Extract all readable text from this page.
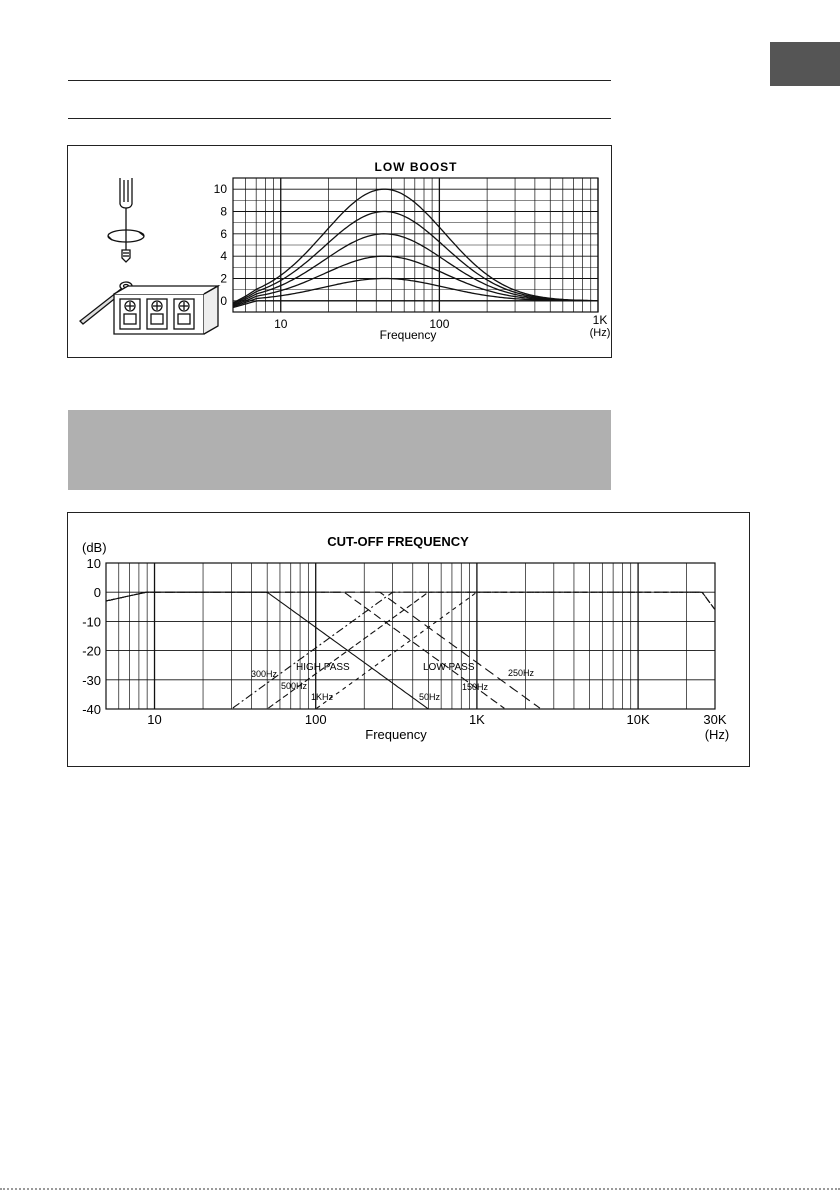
LOW BOOST
10
8
6
4
2
0
10	100	1K
(Hz)
Frequency
CUT-OFF FREQUENCY
(dB)
10
0
-10
-20
-30
-40
10	100	1K	10K	30K
(Hz)
Frequency
HIGH PASS	LOW PASS
300Hz
500Hz
1KHz	50Hz
150Hz
250Hz
